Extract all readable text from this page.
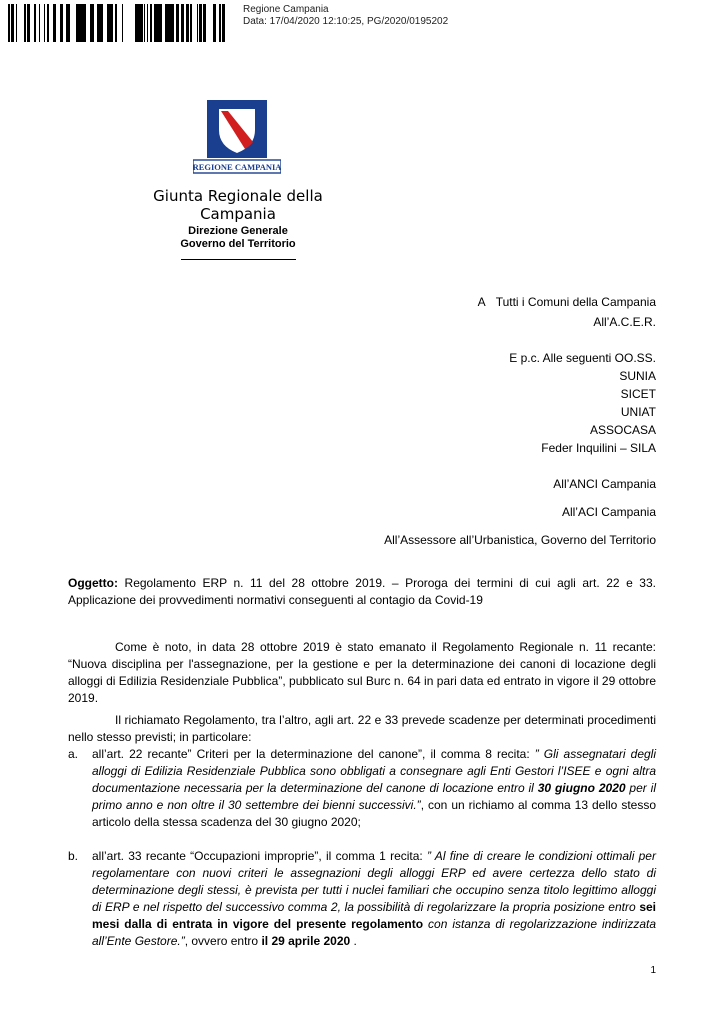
Regione Campania
Data: 17/04/2020 12:10:25, PG/2020/0195202
REGIONE CAMPANIA
Giunta Regionale della Campania
Direzione Generale
Governo del Territorio
A Tutti i Comuni della Campania
All’A.C.E.R.
E p.c. Alle seguenti OO.SS.
SUNIA
SICET
UNIAT
ASSOCASA
Feder Inquilini – SILA
All’ANCI Campania
All’ACI Campania
All’Assessore all’Urbanistica, Governo del Territorio
Oggetto: Regolamento ERP n. 11 del 28 ottobre 2019. – Proroga dei termini di cui agli art. 22 e 33. Applicazione dei provvedimenti normativi conseguenti al contagio da Covid-19
Come è noto, in data 28 ottobre 2019 è stato emanato il Regolamento Regionale n. 11 recante: “Nuova disciplina per l'assegnazione, per la gestione e per la determinazione dei canoni di locazione degli alloggi di Edilizia Residenziale Pubblica”, pubblicato sul Burc n. 64 in pari data ed entrato in vigore il 29 ottobre 2019.
Il richiamato Regolamento, tra l’altro, agli art. 22 e 33 prevede scadenze per determinati procedimenti nello stesso previsti; in particolare:
a. all’art. 22 recante” Criteri per la determinazione del canone”, il comma 8 recita: ” Gli assegnatari degli alloggi di Edilizia Residenziale Pubblica sono obbligati a consegnare agli Enti Gestori l’ISEE e ogni altra documentazione necessaria per la determinazione del canone di locazione entro il 30 giugno 2020 per il primo anno e non oltre il 30 settembre dei bienni successivi.”, con un richiamo al comma 13 dello stesso articolo della stessa scadenza del 30 giugno 2020;
b. all’art. 33 recante “Occupazioni improprie”, il comma 1 recita: ” Al fine di creare le condizioni ottimali per regolamentare con nuovi criteri le assegnazioni degli alloggi ERP ed avere certezza dello stato di determinazione degli stessi, è prevista per tutti i nuclei familiari che occupino senza titolo legittimo alloggi di ERP e nel rispetto del successivo comma 2, la possibilità di regolarizzare la propria posizione entro sei mesi dalla di entrata in vigore del presente regolamento con istanza di regolarizzazione indirizzata all’Ente Gestore.”, ovvero entro il 29 aprile 2020 .
1
